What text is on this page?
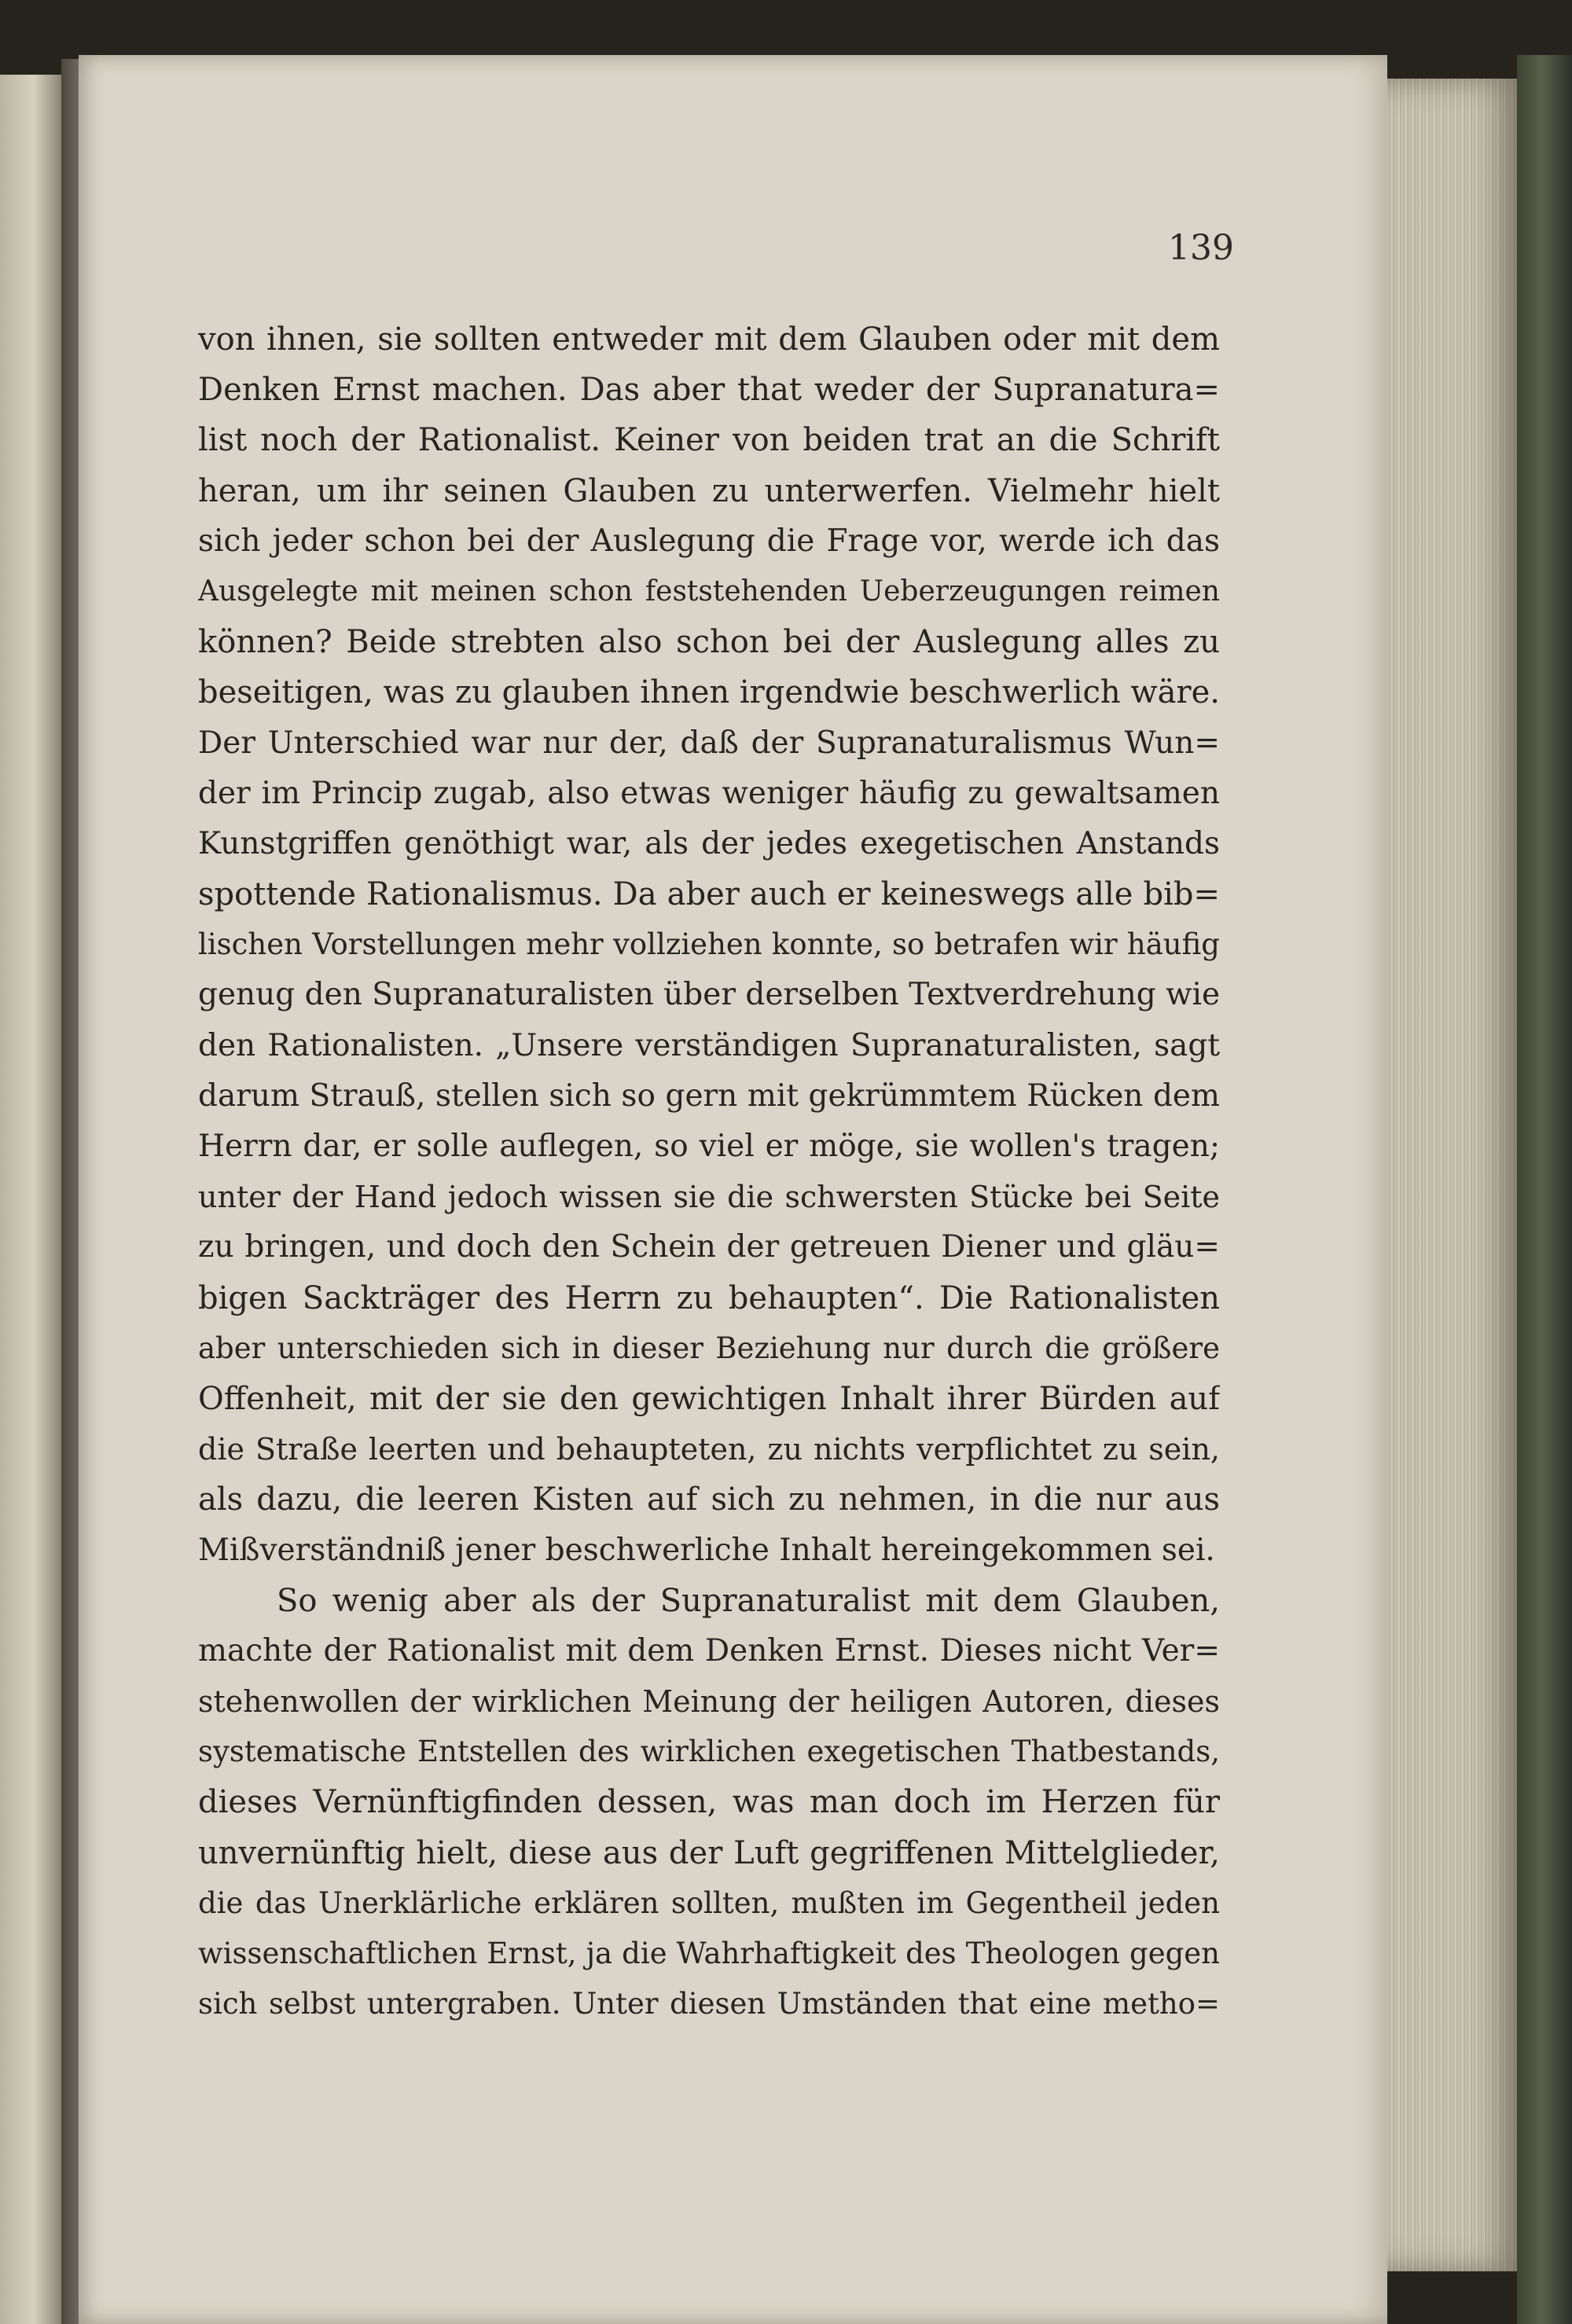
139
von ihnen, sie sollten entweder mit dem Glauben oder mit dem
Denken Ernst machen. Das aber that weder der Supranatura=
list noch der Rationalist. Keiner von beiden trat an die Schrift
heran, um ihr seinen Glauben zu unterwerfen. Vielmehr hielt
sich jeder schon bei der Auslegung die Frage vor, werde ich das
Ausgelegte mit meinen schon feststehenden Ueberzeugungen reimen
können? Beide strebten also schon bei der Auslegung alles zu
beseitigen, was zu glauben ihnen irgendwie beschwerlich wäre.
Der Unterschied war nur der, daß der Supranaturalismus Wun=
der im Princip zugab, also etwas weniger häufig zu gewaltsamen
Kunstgriffen genöthigt war, als der jedes exegetischen Anstands
spottende Rationalismus. Da aber auch er keineswegs alle bib=
lischen Vorstellungen mehr vollziehen konnte, so betrafen wir häufig
genug den Supranaturalisten über derselben Textverdrehung wie
den Rationalisten. „Unsere verständigen Supranaturalisten, sagt
darum Strauß, stellen sich so gern mit gekrümmtem Rücken dem
Herrn dar, er solle auflegen, so viel er möge, sie wollen's tragen;
unter der Hand jedoch wissen sie die schwersten Stücke bei Seite
zu bringen, und doch den Schein der getreuen Diener und gläu=
bigen Sackträger des Herrn zu behaupten“. Die Rationalisten
aber unterschieden sich in dieser Beziehung nur durch die größere
Offenheit, mit der sie den gewichtigen Inhalt ihrer Bürden auf
die Straße leerten und behaupteten, zu nichts verpflichtet zu sein,
als dazu, die leeren Kisten auf sich zu nehmen, in die nur aus
Mißverständniß jener beschwerliche Inhalt hereingekommen sei.
So wenig aber als der Supranaturalist mit dem Glauben,
machte der Rationalist mit dem Denken Ernst. Dieses nicht Ver=
stehenwollen der wirklichen Meinung der heiligen Autoren, dieses
systematische Entstellen des wirklichen exegetischen Thatbestands,
dieses Vernünftigfinden dessen, was man doch im Herzen für
unvernünftig hielt, diese aus der Luft gegriffenen Mittelglieder,
die das Unerklärliche erklären sollten, mußten im Gegentheil jeden
wissenschaftlichen Ernst, ja die Wahrhaftigkeit des Theologen gegen
sich selbst untergraben. Unter diesen Umständen that eine metho=
